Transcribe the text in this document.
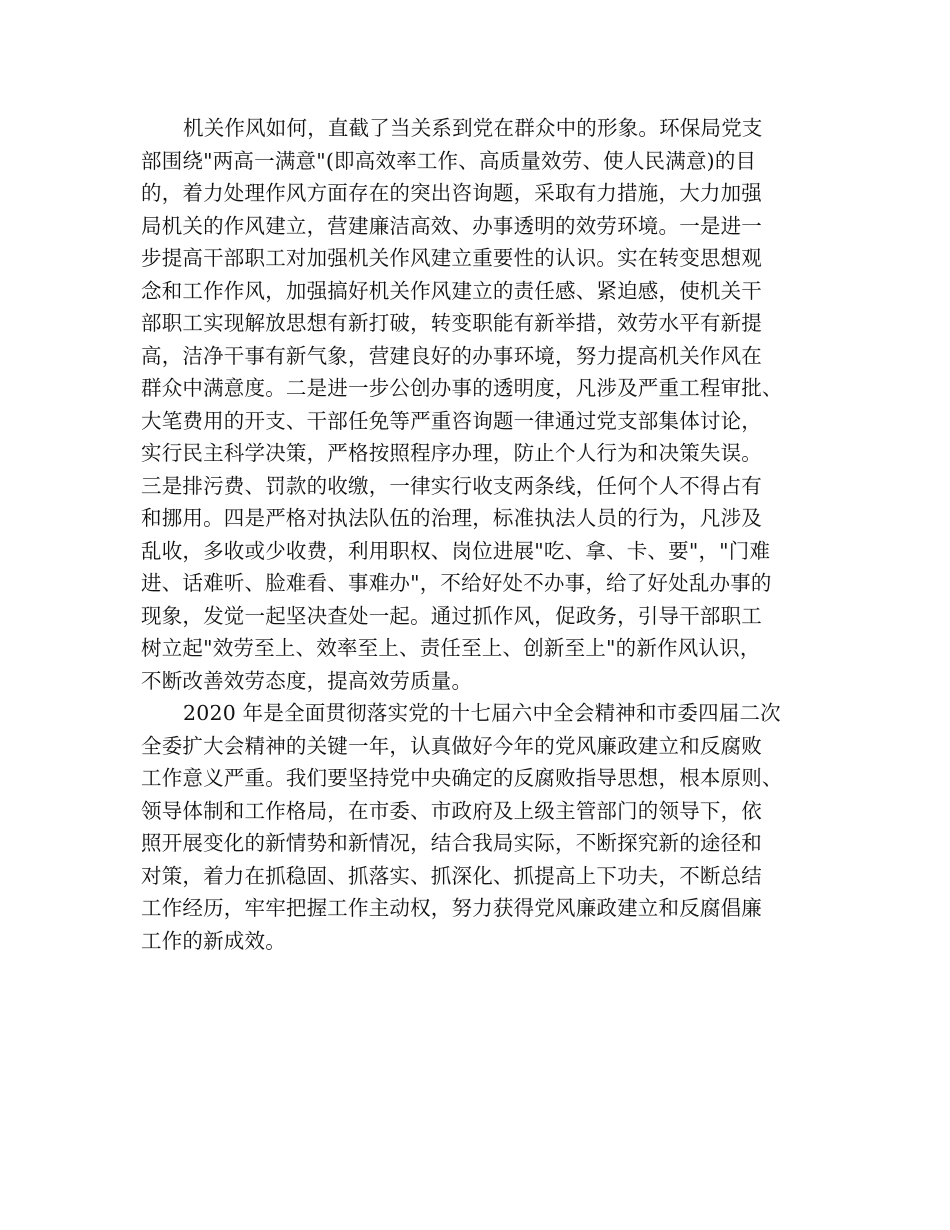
机关作风如何，直截了当关系到党在群众中的形象。环保局党支
部围绕"两高一满意"(即高效率工作、高质量效劳、使人民满意)的目
的，着力处理作风方面存在的突出咨询题，采取有力措施，大力加强
局机关的作风建立，营建廉洁高效、办事透明的效劳环境。一是进一
步提高干部职工对加强机关作风建立重要性的认识。实在转变思想观
念和工作作风，加强搞好机关作风建立的责任感、紧迫感，使机关干
部职工实现解放思想有新打破，转变职能有新举措，效劳水平有新提
高，洁净干事有新气象，营建良好的办事环境，努力提高机关作风在
群众中满意度。二是进一步公创办事的透明度，凡涉及严重工程审批、
大笔费用的开支、干部任免等严重咨询题一律通过党支部集体讨论，
实行民主科学决策，严格按照程序办理，防止个人行为和决策失误。
三是排污费、罚款的收缴，一律实行收支两条线，任何个人不得占有
和挪用。四是严格对执法队伍的治理，标准执法人员的行为，凡涉及
乱收，多收或少收费，利用职权、岗位进展"吃、拿、卡、要"，"门难
进、话难听、脸难看、事难办"，不给好处不办事，给了好处乱办事的
现象，发觉一起坚决查处一起。通过抓作风，促政务，引导干部职工
树立起"效劳至上、效率至上、责任至上、创新至上"的新作风认识，
不断改善效劳态度，提高效劳质量。
2020 年是全面贯彻落实党的十七届六中全会精神和市委四届二次
全委扩大会精神的关键一年，认真做好今年的党风廉政建立和反腐败
工作意义严重。我们要坚持党中央确定的反腐败指导思想，根本原则、
领导体制和工作格局，在市委、市政府及上级主管部门的领导下，依
照开展变化的新情势和新情况，结合我局实际，不断探究新的途径和
对策，着力在抓稳固、抓落实、抓深化、抓提高上下功夫，不断总结
工作经历，牢牢把握工作主动权，努力获得党风廉政建立和反腐倡廉
工作的新成效。
